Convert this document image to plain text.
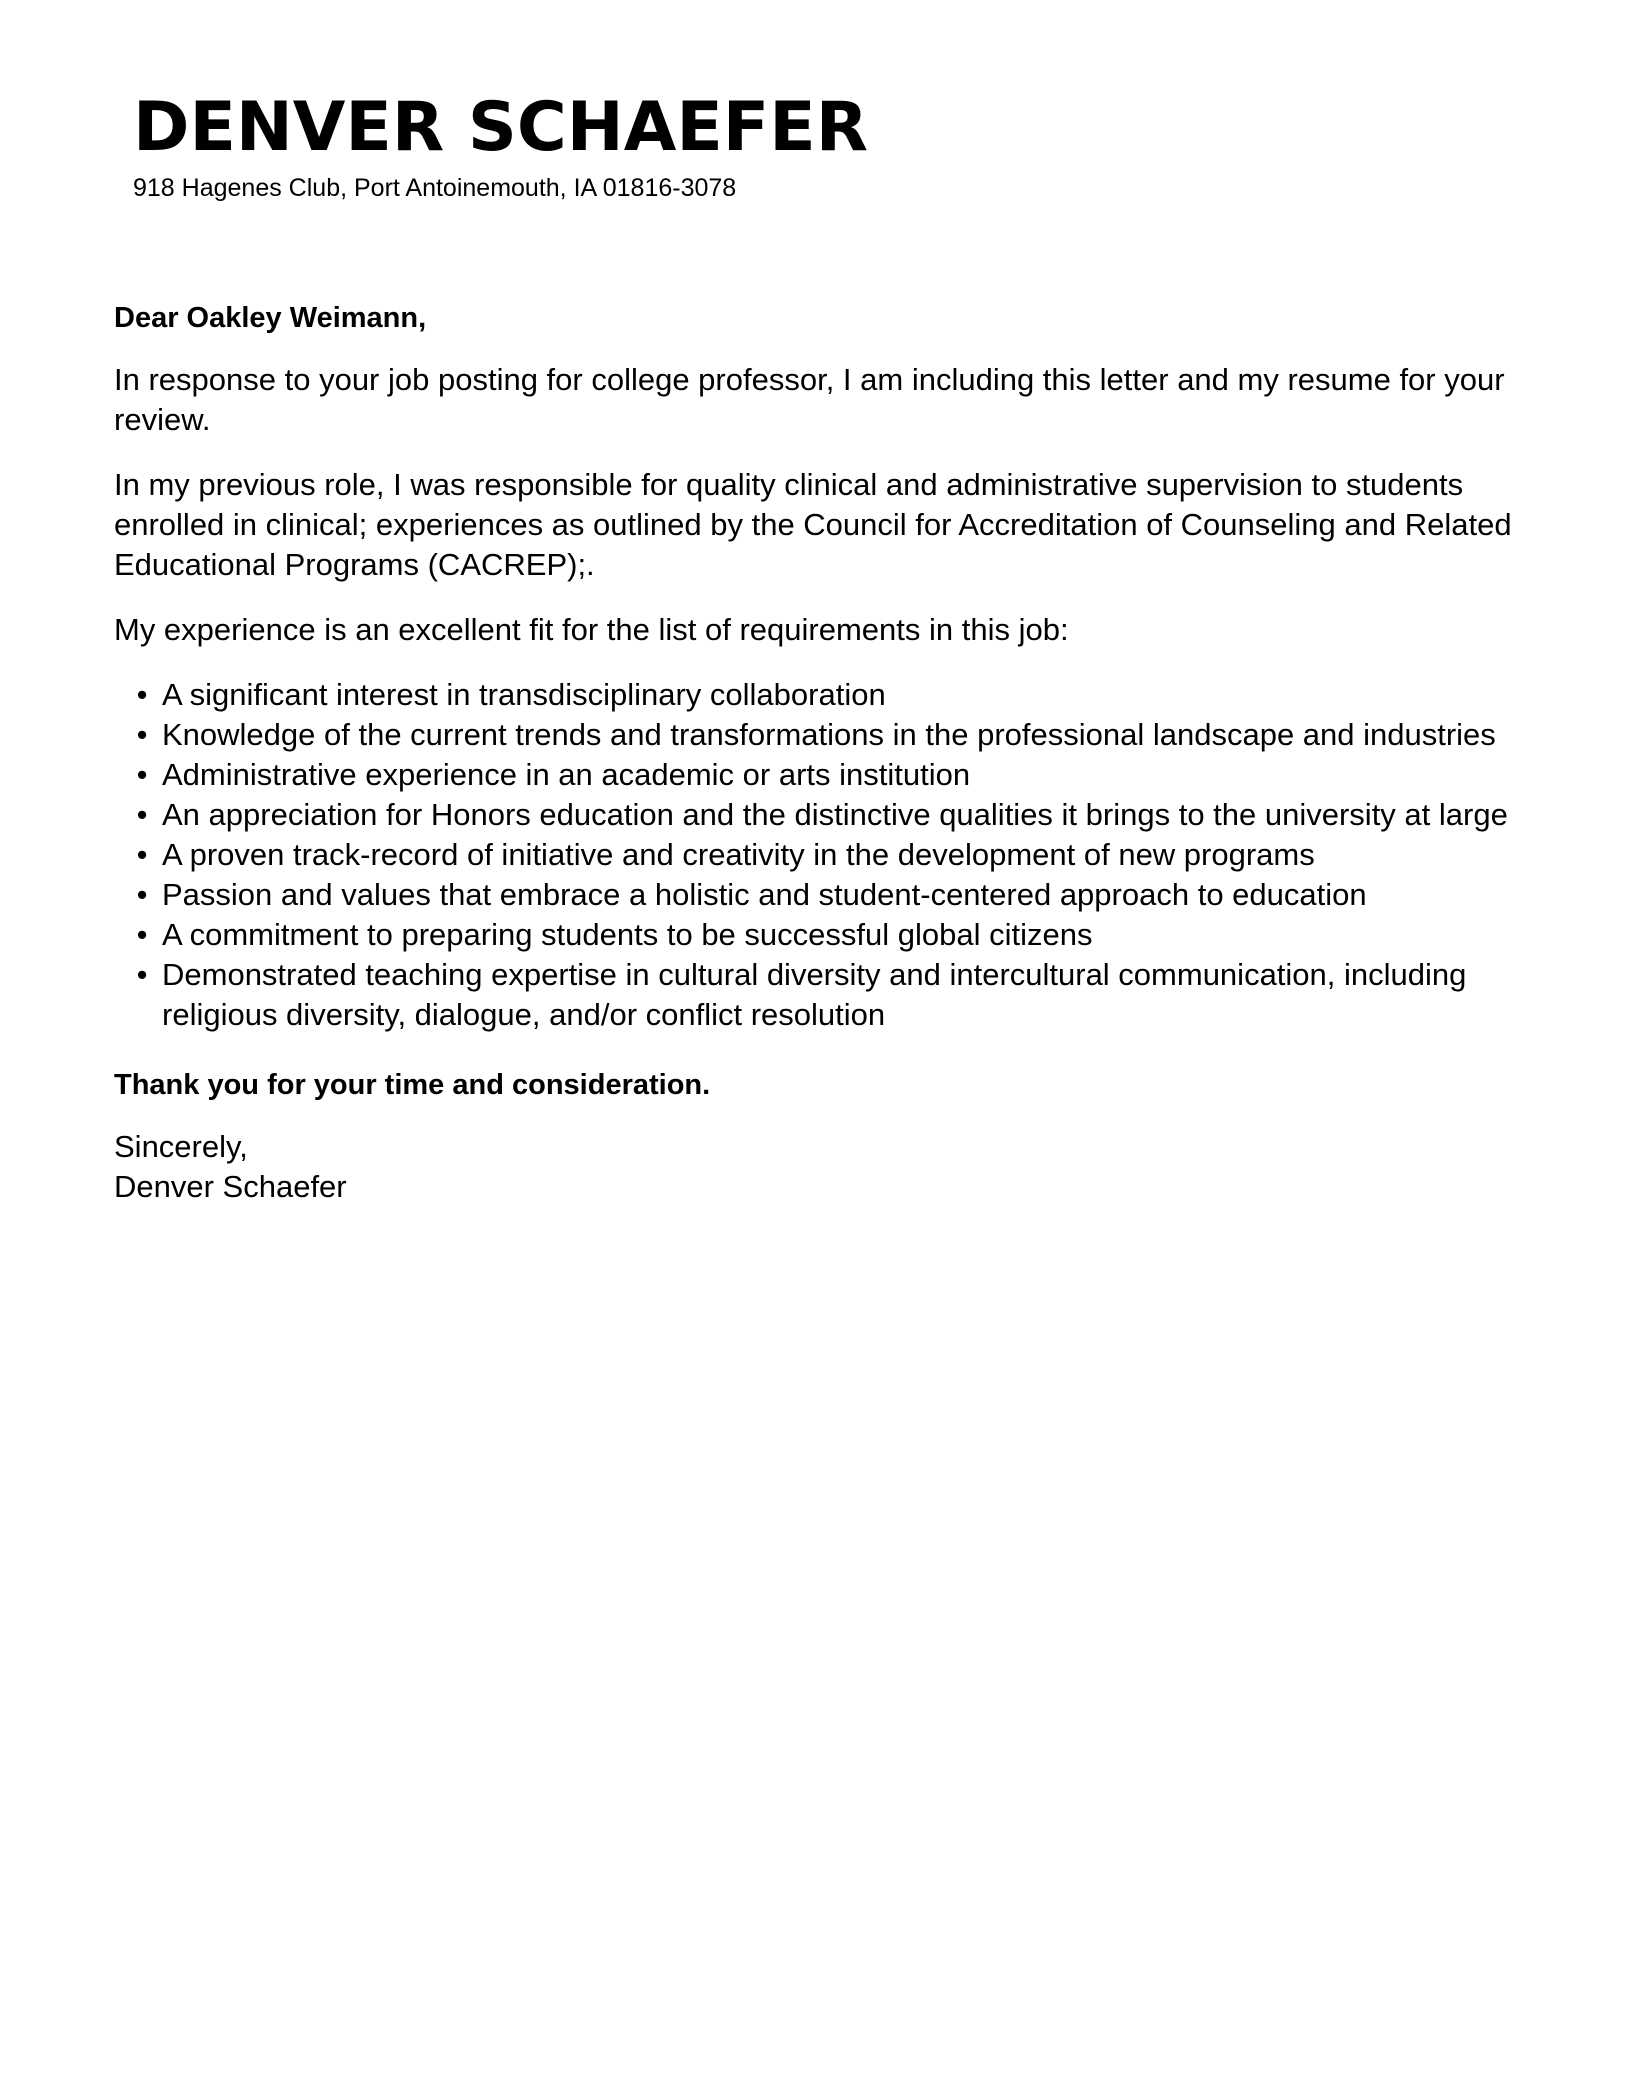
DENVER SCHAEFER
918 Hagenes Club, Port Antoinemouth, IA 01816-3078

Dear Oakley Weimann,

In response to your job posting for college professor, I am including this letter and my resume for your review.

In my previous role, I was responsible for quality clinical and administrative supervision to students enrolled in clinical; experiences as outlined by the Council for Accreditation of Counseling and Related Educational Programs (CACREP);.

My experience is an excellent fit for the list of requirements in this job:

• A significant interest in transdisciplinary collaboration
• Knowledge of the current trends and transformations in the professional landscape and industries
• Administrative experience in an academic or arts institution
• An appreciation for Honors education and the distinctive qualities it brings to the university at large
• A proven track-record of initiative and creativity in the development of new programs
• Passion and values that embrace a holistic and student-centered approach to education
• A commitment to preparing students to be successful global citizens
• Demonstrated teaching expertise in cultural diversity and intercultural communication, including religious diversity, dialogue, and/or conflict resolution

Thank you for your time and consideration.

Sincerely,

Denver Schaefer
